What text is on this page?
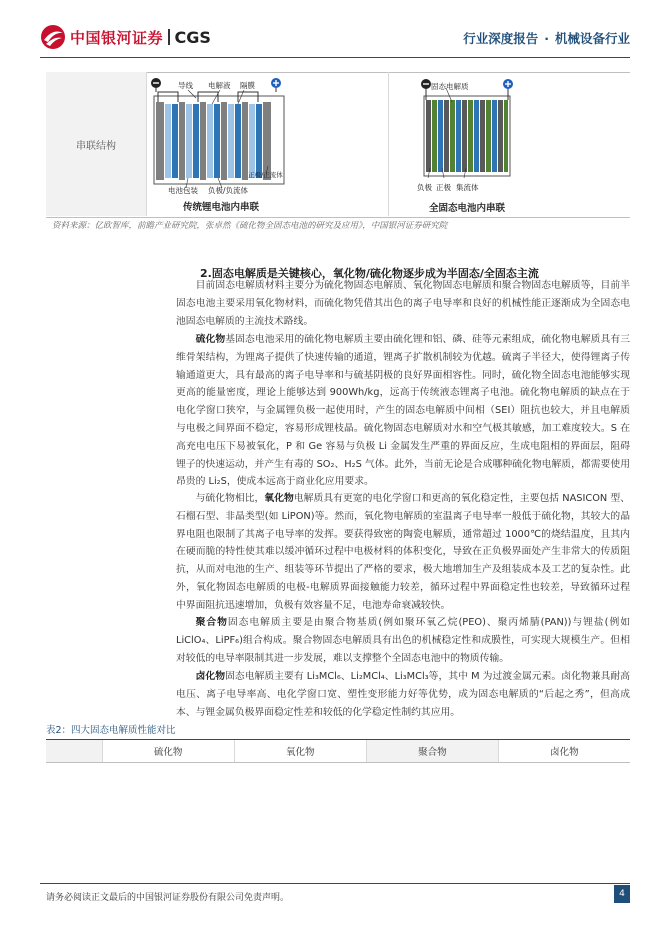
中国银河证券 CGS	行业深度报告 · 机械设备行业
串联结构
导线 电解液 隔膜
正极/正流体
电池包装 负极/负流体
传统锂电池内串联
固态电解质
负极 正极 集流体
全固态电池内串联
资料来源：亿欧智库，前瞻产业研究院，张卓然《硫化物全固态电池的研究及应用》，中国银河证券研究院
2.固态电解质是关键核心，氧化物/硫化物逐步成为半固态/全固态主流

目前固态电解质材料主要分为硫化物固态电解质、氧化物固态电解质和聚合物固态电解质等，目前半固态电池主要采用氧化物材料，而硫化物凭借其出色的离子电导率和良好的机械性能正逐渐成为全固态电池固态电解质的主流技术路线。

硫化物基固态电池采用的硫化物电解质主要由硫化锂和铝、磷、硅等元素组成，硫化物电解质具有三维骨架结构，为锂离子提供了快速传输的通道，锂离子扩散机制较为优越。硫离子半径大，使得锂离子传输通道更大，具有最高的离子电导率和与硫基阴极的良好界面相容性。同时，硫化物全固态电池能够实现更高的能量密度，理论上能够达到 900Wh/kg，远高于传统液态锂离子电池。硫化物电解质的缺点在于电化学窗口狭窄，与金属锂负极一起使用时，产生的固态电解质中间相（SEI）阻抗也较大，并且电解质与电极之间界面不稳定，容易形成锂枝晶。硫化物固态电解质对水和空气极其敏感，加工难度较大。S 在高充电电压下易被氧化，P 和 Ge 容易与负极 Li 金属发生严重的界面反应，生成电阻相的界面层，阻碍锂子的快速运动，并产生有毒的 SO₂、H₂S 气体。此外，当前无论是合成哪种硫化物电解质，都需要使用昂贵的 Li₂S，使成本远高于商业化应用要求。

与硫化物相比，氧化物电解质具有更宽的电化学窗口和更高的氧化稳定性，主要包括 NASICON 型、石榴石型、非晶类型(如 LiPON)等。然而，氧化物电解质的室温离子电导率一般低于硫化物，其较大的晶界电阻也限制了其离子电导率的发挥。要获得致密的陶瓷电解质，通常超过 1000℃的烧结温度，且其内在硬而脆的特性使其难以缓冲循环过程中电极材料的体积变化，导致在正负极界面处产生非常大的传质阻抗，从而对电池的生产、组装等环节提出了严格的要求，极大地增加生产及组装成本及工艺的复杂性。此外，氧化物固态电解质的电极-电解质界面接触能力较差，循环过程中界面稳定性也较差，导致循环过程中界面阻抗迅速增加，负极有效容量不足，电池寿命衰减较快。

聚合物固态电解质主要是由聚合物基质(例如聚环氧乙烷(PEO)、聚丙烯腈(PAN))与锂盐(例如 LiClO₄、LiPF₆)组合构成。聚合物固态电解质具有出色的机械稳定性和成膜性，可实现大规模生产。但相对较低的电导率限制其进一步发展，难以支撑整个全固态电池中的物质传输。

卤化物固态电解质主要有 Li₃MCl₆、Li₂MCl₄、Li₃MCl₃等，其中 M 为过渡金属元素。卤化物兼具耐高电压、离子电导率高、电化学窗口宽、塑性变形能力好等优势，成为固态电解质的“后起之秀”，但高成本、与锂金属负极界面稳定性差和较低的化学稳定性制约其应用。

表2：四大固态电解质性能对比
硫化物	氧化物	聚合物	卤化物
请务必阅读正文最后的中国银河证券股份有限公司免责声明。	4
